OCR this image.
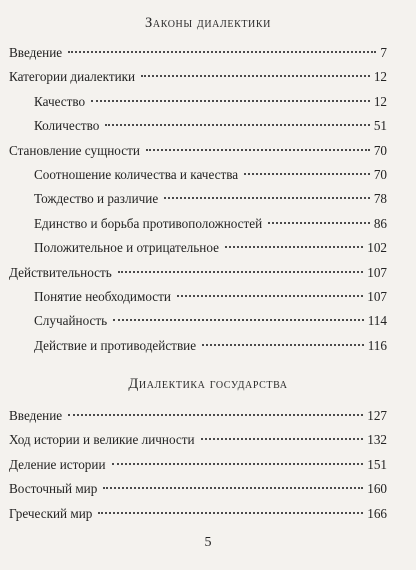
Законы диалектики
Введение	7
Категории диалектики	12
Качество	12
Количество	51
Становление сущности	70
Соотношение количества и качества	70
Тождество и различие	78
Единство и борьба противоположностей	86
Положительное и отрицательное	102
Действительность	107
Понятие необходимости	107
Случайность	114
Действие и противодействие	116
Диалектика государства
Введение	127
Ход истории и великие личности	132
Деление истории	151
Восточный мир	160
Греческий мир	166
5
